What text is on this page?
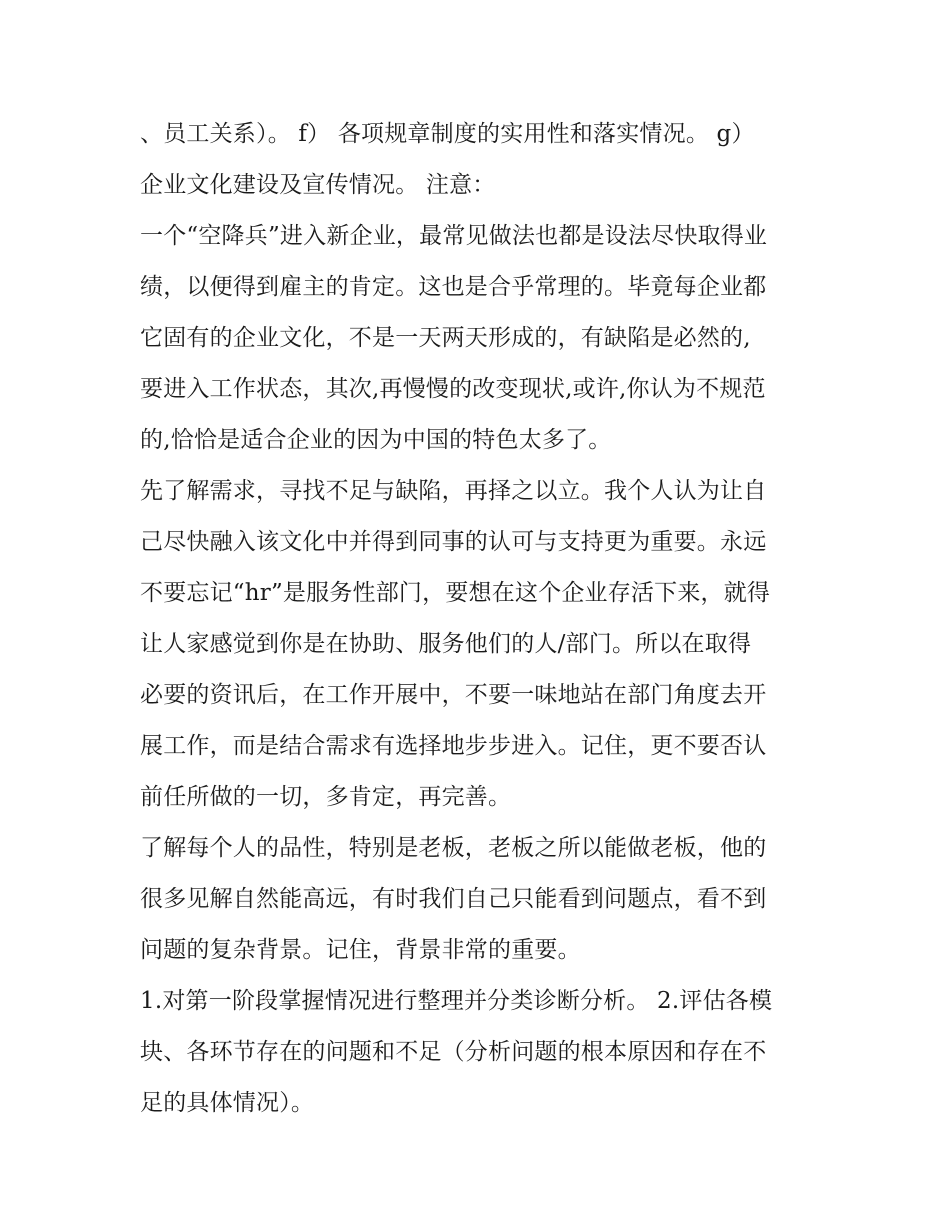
、员工关系）。 f） 各项规章制度的实用性和落实情况。 g）
企业文化建设及宣传情况。 注意：
一个“空降兵”进入新企业，最常见做法也都是设法尽快取得业
绩，以便得到雇主的肯定。这也是合乎常理的。毕竟每企业都
它固有的企业文化，不是一天两天形成的，有缺陷是必然的,
要进入工作状态，其次,再慢慢的改变现状,或许,你认为不规范
的,恰恰是适合企业的因为中国的特色太多了。
先了解需求，寻找不足与缺陷，再择之以立。我个人认为让自
己尽快融入该文化中并得到同事的认可与支持更为重要。永远
不要忘记“hr”是服务性部门，要想在这个企业存活下来，就得
让人家感觉到你是在协助、服务他们的人/部门。所以在取得
必要的资讯后，在工作开展中，不要一味地站在部门角度去开
展工作，而是结合需求有选择地步步进入。记住，更不要否认
前任所做的一切，多肯定，再完善。
了解每个人的品性，特别是老板，老板之所以能做老板，他的
很多见解自然能高远，有时我们自己只能看到问题点，看不到
问题的复杂背景。记住，背景非常的重要。
1.对第一阶段掌握情况进行整理并分类诊断分析。 2.评估各模
块、各环节存在的问题和不足（分析问题的根本原因和存在不
足的具体情况）。
